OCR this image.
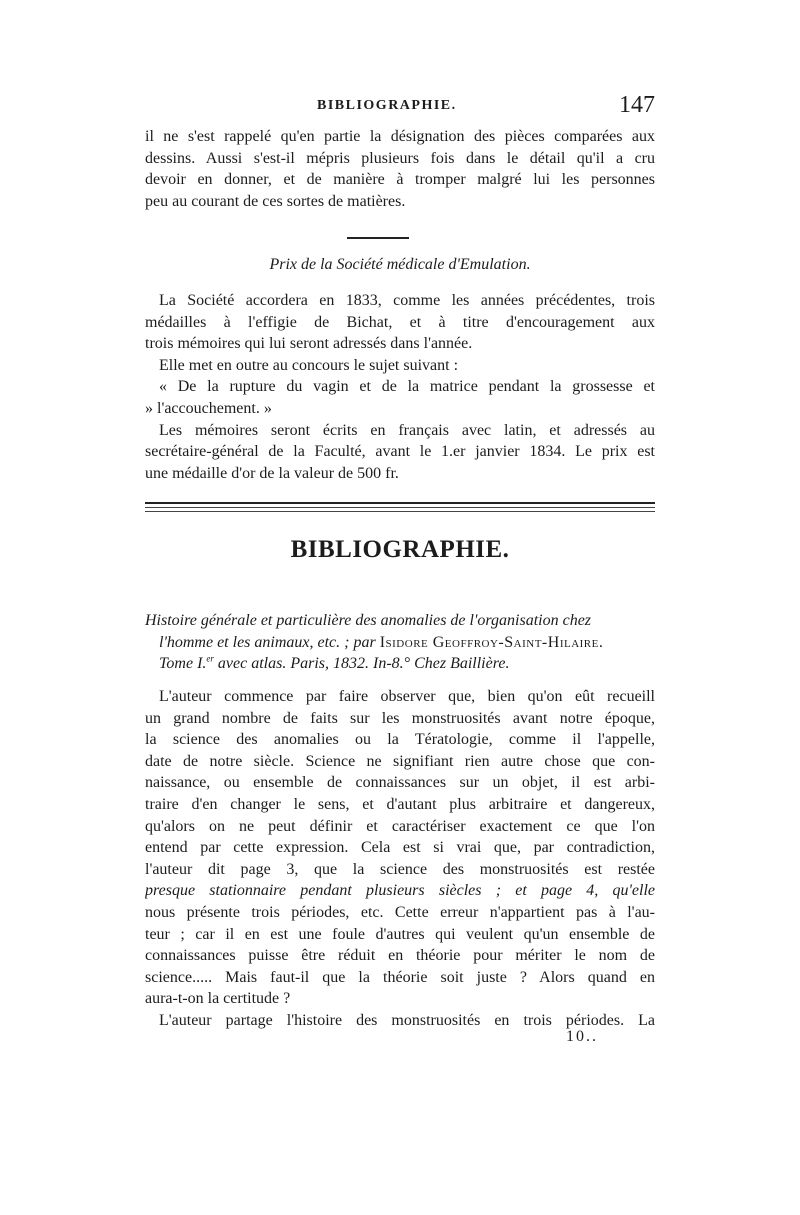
BIBLIOGRAPHIE.	147
il ne s'est rappelé qu'en partie la désignation des pièces comparées aux
dessins. Aussi s'est-il mépris plusieurs fois dans le détail qu'il a cru
devoir en donner, et de manière à tromper malgré lui les personnes
peu au courant de ces sortes de matières.
Prix de la Société médicale d'Emulation.
La Société accordera en 1833, comme les années précédentes, trois
médailles à l'effigie de Bichat, et à titre d'encouragement aux
trois mémoires qui lui seront adressés dans l'année.
Elle met en outre au concours le sujet suivant :
« De la rupture du vagin et de la matrice pendant la grossesse et
» l'accouchement. »
Les mémoires seront écrits en français avec latin, et adressés au
secrétaire-général de la Faculté, avant le 1.er janvier 1834. Le prix est
une médaille d'or de la valeur de 500 fr.
BIBLIOGRAPHIE.
Histoire générale et particulière des anomalies de l'organisation chez
l'homme et les animaux, etc. ; par Isidore Geoffroy-Saint-Hilaire.
Tome I.$^{er}$ avec atlas. Paris, 1832. In-8.° Chez Baillière.
L'auteur commence par faire observer que, bien qu'on eût recueill
un grand nombre de faits sur les monstruosités avant notre époque,
la science des anomalies ou la Tératologie, comme il l'appelle,
date de notre siècle. Science ne signifiant rien autre chose que con-
naissance, ou ensemble de connaissances sur un objet, il est arbi-
traire d'en changer le sens, et d'autant plus arbitraire et dangereux,
qu'alors on ne peut définir et caractériser exactement ce que l'on
entend par cette expression. Cela est si vrai que, par contradiction,
l'auteur dit page 3, que la science des monstruosités est restée
presque stationnaire pendant plusieurs siècles ; et page 4, qu'elle
nous présente trois périodes, etc. Cette erreur n'appartient pas à l'au-
teur ; car il en est une foule d'autres qui veulent qu'un ensemble de
connaissances puisse être réduit en théorie pour mériter le nom de
science..... Mais faut-il que la théorie soit juste ? Alors quand en
aura-t-on la certitude ?
L'auteur partage l'histoire des monstruosités en trois périodes. La
10..
